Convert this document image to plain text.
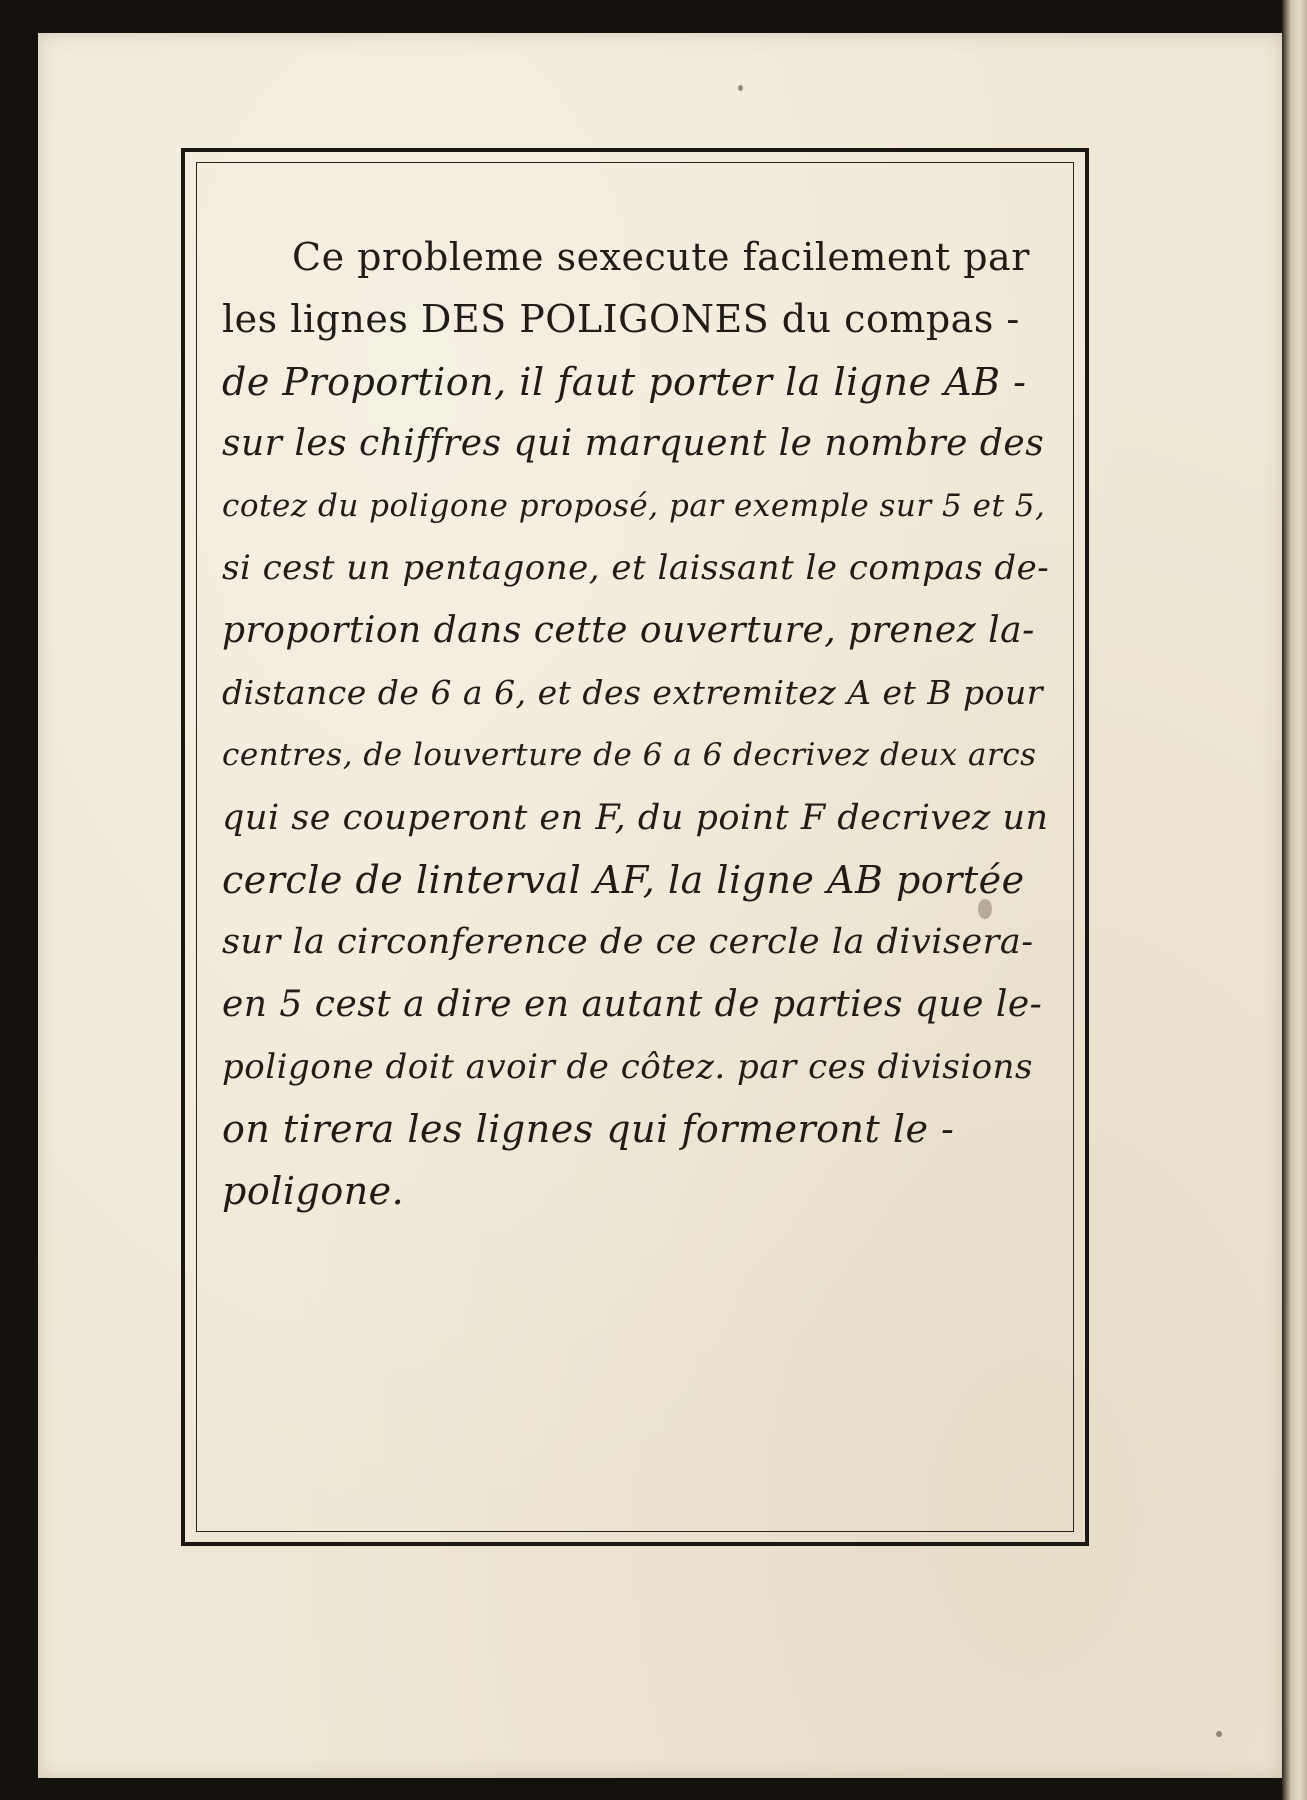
Ce probleme sexecute facilement par
les lignes DES POLIGONES du compas -
de Proportion, il faut porter la ligne AB -
sur les chiffres qui marquent le nombre des
cotez du poligone proposé, par exemple sur 5 et 5,
si cest un pentagone, et laissant le compas de-
proportion dans cette ouverture, prenez la-
distance de 6 a 6, et des extremitez A et B pour
centres, de louverture de 6 a 6 decrivez deux arcs
qui se couperont en F, du point F decrivez un
cercle de linterval AF, la ligne AB portée
sur la circonference de ce cercle la divisera-
en 5 cest a dire en autant de parties que le-
poligone doit avoir de côtez. par ces divisions
on tirera les lignes qui formeront le -
poligone.
